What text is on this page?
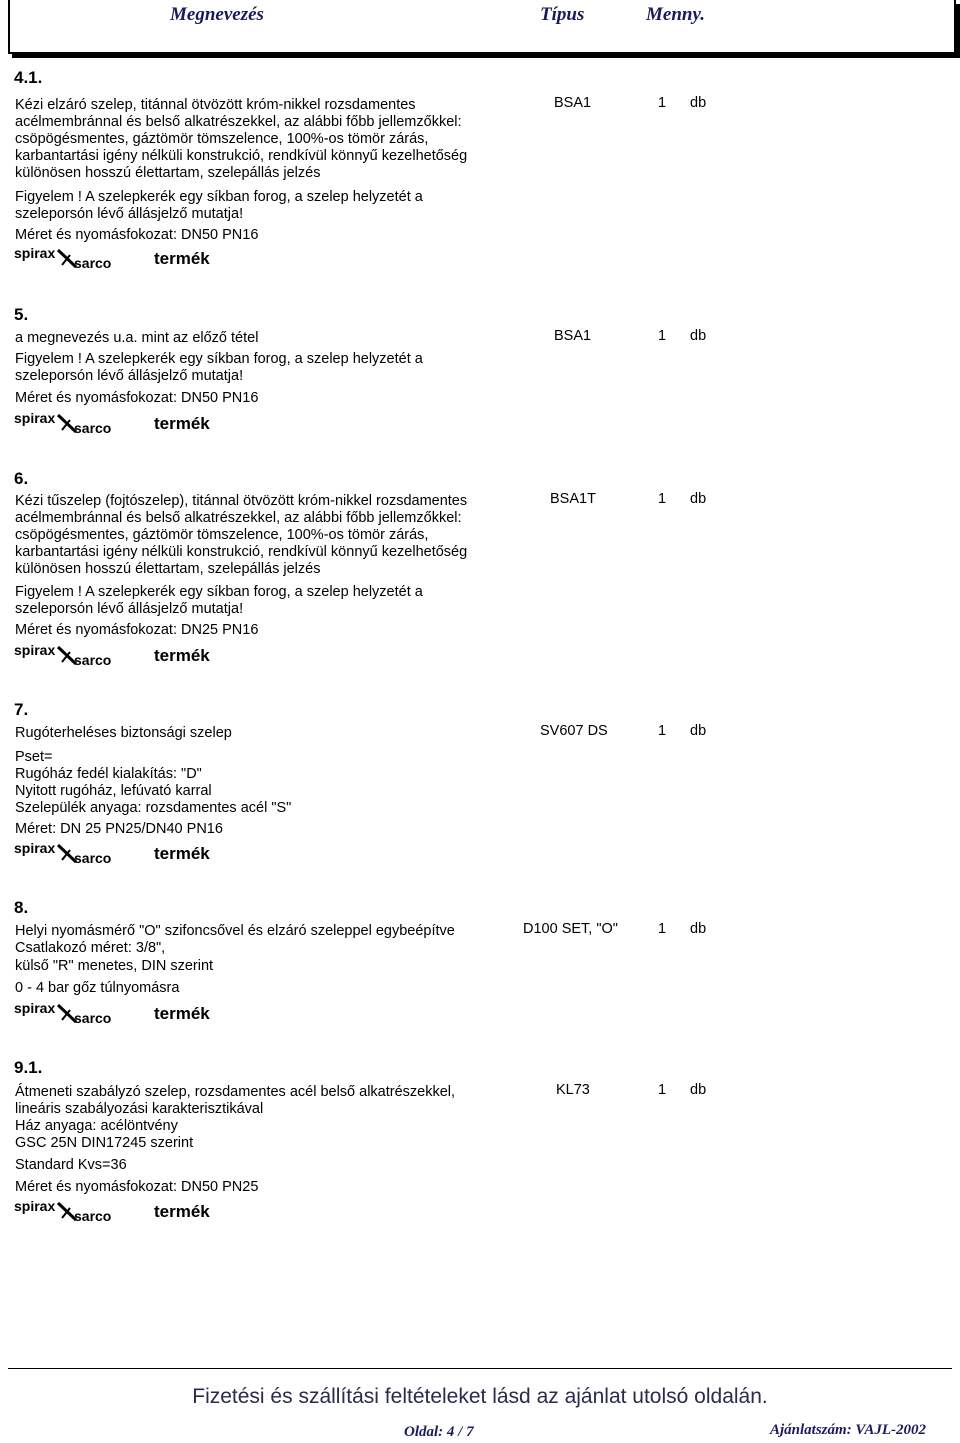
Megnevezés	Típus	Menny.
4.1.
Kézi elzáró szelep, titánnal ötvözött króm-nikkel rozsdamentes
acélmembránnal és belső alkatrészekkel, az alábbi főbb jellemzőkkel:
csöpögésmentes, gáztömör tömszelence, 100%-os tömör zárás,
karbantartási igény nélküli konstrukció, rendkívül könnyű kezelhetőség
különösen hosszú élettartam, szelepállás jelzés
Figyelem ! A szelepkerék egy síkban forog, a szelep helyzetét a
szeleporsón lévő állásjelző mutatja!
Méret és nyomásfokozat: DN50 PN16
BSA1	1 db
spirax
sarco	termék
5.
a megnevezés u.a. mint az előző tétel
Figyelem ! A szelepkerék egy síkban forog, a szelep helyzetét a
szeleporsón lévő állásjelző mutatja!
Méret és nyomásfokozat: DN50 PN16
BSA1	1 db
spirax
sarco	termék
6.
Kézi tűszelep (fojtószelep), titánnal ötvözött króm-nikkel rozsdamentes
acélmembránnal és belső alkatrészekkel, az alábbi főbb jellemzőkkel:
csöpögésmentes, gáztömör tömszelence, 100%-os tömör zárás,
karbantartási igény nélküli konstrukció, rendkívül könnyű kezelhetőség
különösen hosszú élettartam, szelepállás jelzés
Figyelem ! A szelepkerék egy síkban forog, a szelep helyzetét a
szeleporsón lévő állásjelző mutatja!
Méret és nyomásfokozat: DN25 PN16
BSA1T	1 db
spirax
sarco	termék
7.
Rugóterheléses biztonsági szelep
Pset=
Rugóház fedél kialakítás: "D"
Nyitott rugóház, lefúvató karral
Szelepülék anyaga: rozsdamentes acél "S"
Méret: DN 25 PN25/DN40 PN16
SV607 DS	1 db
spirax
sarco	termék
8.
Helyi nyomásmérő "O" szifoncsővel és elzáró szeleppel egybeépítve
Csatlakozó méret: 3/8",
külső "R" menetes, DIN szerint
0 - 4 bar gőz túlnyomásra
D100 SET, "O"	1 db
spirax
sarco	termék
9.1.
Átmeneti szabályzó szelep, rozsdamentes acél belső alkatrészekkel,
lineáris szabályozási karakterisztikával
Ház anyaga: acélöntvény
GSC 25N DIN17245 szerint
Standard Kvs=36
Méret és nyomásfokozat: DN50 PN25
KL73	1 db
spirax
sarco	termék
Fizetési és szállítási feltételeket lásd az ajánlat utolsó oldalán.
Oldal: 4 / 7	Ajánlatszám: VAJL-2002
